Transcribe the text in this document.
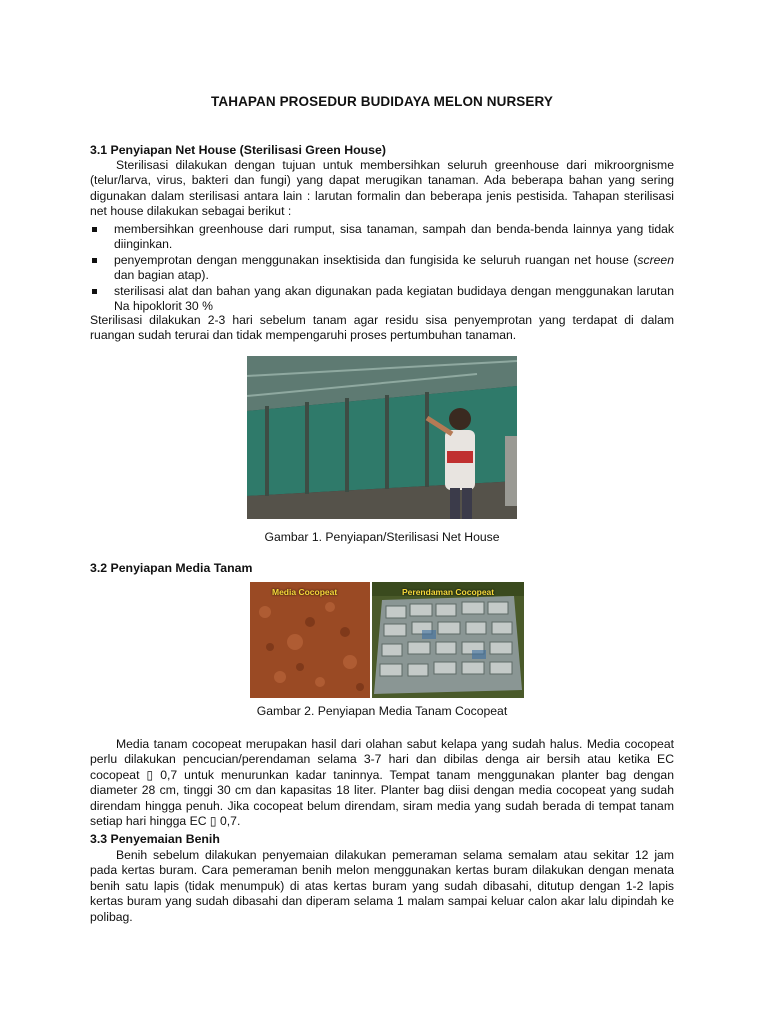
TAHAPAN PROSEDUR BUDIDAYA MELON NURSERY
3.1 Penyiapan Net House (Sterilisasi Green House)
Sterilisasi dilakukan dengan tujuan untuk membersihkan seluruh greenhouse dari mikroorgnisme (telur/larva, virus, bakteri dan fungi) yang dapat merugikan tanaman. Ada beberapa bahan yang sering digunakan dalam sterilisasi antara lain : larutan formalin dan beberapa jenis pestisida. Tahapan sterilisasi net house dilakukan sebagai berikut :
membersihkan greenhouse dari rumput, sisa tanaman, sampah dan benda-benda lainnya yang tidak diinginkan.
penyemprotan dengan menggunakan insektisida dan fungisida ke seluruh ruangan net house (screen dan bagian atap).
sterilisasi alat dan bahan yang akan digunakan pada kegiatan budidaya dengan menggunakan larutan Na hipoklorit 30 %
Sterilisasi dilakukan 2-3 hari sebelum tanam agar residu sisa penyemprotan yang terdapat di dalam ruangan sudah terurai dan tidak mempengaruhi proses pertumbuhan tanaman.
Gambar 1. Penyiapan/Sterilisasi Net House
3.2 Penyiapan Media Tanam
Media Cocopeat	Perendaman Cocopeat
Gambar 2. Penyiapan Media Tanam Cocopeat
Media tanam cocopeat merupakan hasil dari olahan sabut kelapa yang sudah halus. Media cocopeat perlu dilakukan pencucian/perendaman selama 3-7 hari dan dibilas denga air bersih atau ketika EC cocopeat ▯ 0,7 untuk menurunkan kadar taninnya. Tempat tanam menggunakan planter bag dengan diameter 28 cm, tinggi 30 cm dan kapasitas 18 liter. Planter bag diisi dengan media cocopeat yang sudah direndam hingga penuh. Jika cocopeat belum direndam, siram media yang sudah berada di tempat tanam setiap hari hingga EC ▯ 0,7.
3.3 Penyemaian Benih
Benih sebelum dilakukan penyemaian dilakukan pemeraman selama semalam atau sekitar 12 jam pada kertas buram. Cara pemeraman benih melon menggunakan kertas buram dilakukan dengan menata benih satu lapis (tidak menumpuk) di atas kertas buram yang sudah dibasahi, ditutup dengan 1-2 lapis kertas buram yang sudah dibasahi dan diperam selama 1 malam sampai keluar calon akar lalu dipindah ke polibag.
